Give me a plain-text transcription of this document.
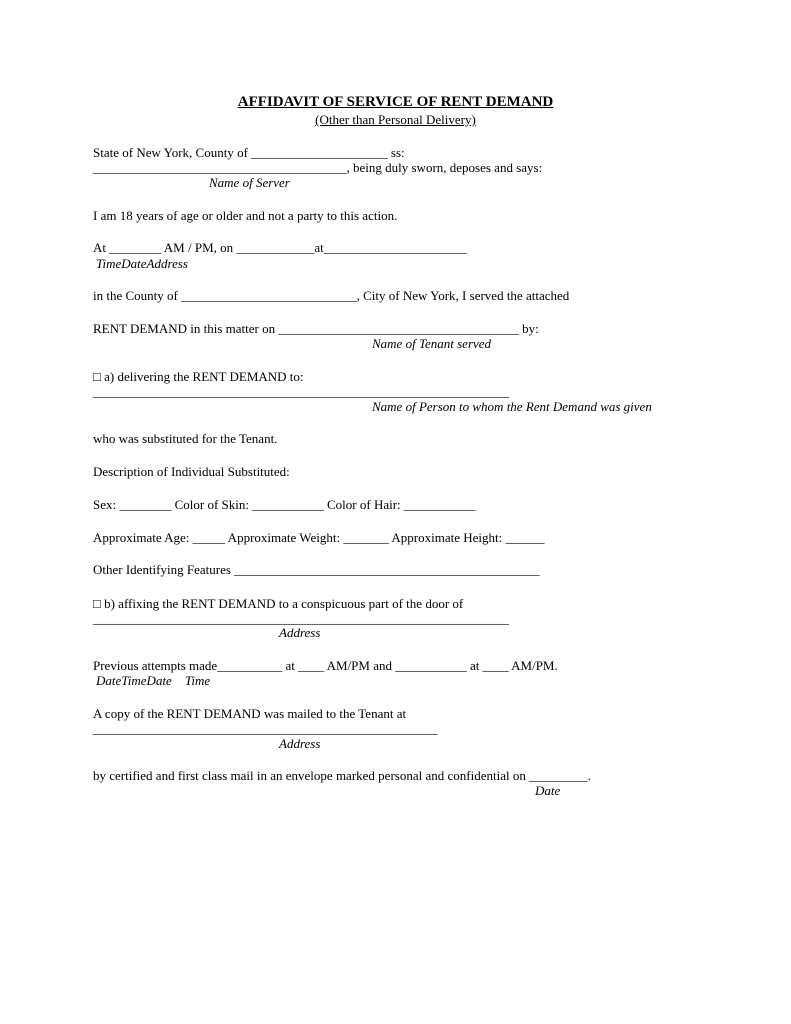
AFFIDAVIT OF SERVICE OF RENT DEMAND
(Other than Personal Delivery)
State of New York, County of _____________________ ss:
_______________________________________, being duly sworn, deposes and says:
Name of Server
I am 18 years of age or older and not a party to this action.
At ________ AM / PM, on ____________at______________________
TimeDateAddress
in the County of ___________________________, City of New York, I served the attached
RENT DEMAND in this matter on _____________________________________ by:
Name of Tenant served
□ a) delivering the RENT DEMAND to:
________________________________________________________________
Name of Person to whom the Rent Demand was given
who was substituted for the Tenant.
Description of Individual Substituted:
Sex: ________ Color of Skin: ___________ Color of Hair: ___________
Approximate Age: _____ Approximate Weight: _______ Approximate Height: ______
Other Identifying Features _______________________________________________
□ b) affixing the RENT DEMAND to a conspicuous part of the door of
________________________________________________________________
Address
Previous attempts made__________ at ____ AM/PM and ___________ at ____ AM/PM.
DateTimeDate    Time
A copy of the RENT DEMAND was mailed to the Tenant at
_____________________________________________________
Address
by certified and first class mail in an envelope marked personal and confidential on _________.
Date
